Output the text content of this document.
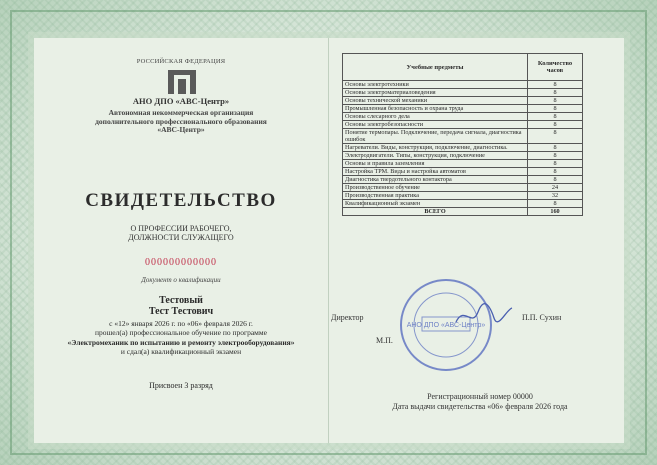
РОССИЙСКАЯ ФЕДЕРАЦИЯ
АНО ДПО «АВС-Центр»
Автономная некоммерческая организация
дополнительного профессионального образования
«АВС-Центр»
СВИДЕТЕЛЬСТВО
О ПРОФЕССИИ РАБОЧЕГО,
ДОЛЖНОСТИ СЛУЖАЩЕГО
000000000000
Документ о квалификации
Тестовый
Тест Тестович
с «12» января 2026 г. по «06» февраля 2026 г.
прошел(а) профессиональное обучение по программе
«Электромеханик по испытанию и ремонту электрооборудования»
и сдал(а) квалификационный экзамен
Присвоен 3 разряд
Учебные предметы	Количество часов
Основы электротехники	8
Основы электроматериаловедения	8
Основы технической механики	8
Промышленная безопасность и охрана труда	8
Основы слесарного дела	8
Основы электробезопасности	8
Понятие термопары. Подключение, передача сигнала, диагностика ошибок	8
Нагреватели. Виды, конструкция, подключение, диагностика.	8
Электродвигатели. Типы, конструкция, подключение	8
Основы и правила заземления	8
Настройка ТРМ. Виды и настройка автоматов	8
Диагностика твердотельного контактора	8
Производственное обучение	24
Производственная практика	32
Квалификационный экзамен	8
ВСЕГО	160
Директор
М.П.
П.П. Сухин
АНО ДПО «АВС-Центр»
Регистрационный номер 00000
Дата выдачи свидетельства «06» февраля 2026 года
